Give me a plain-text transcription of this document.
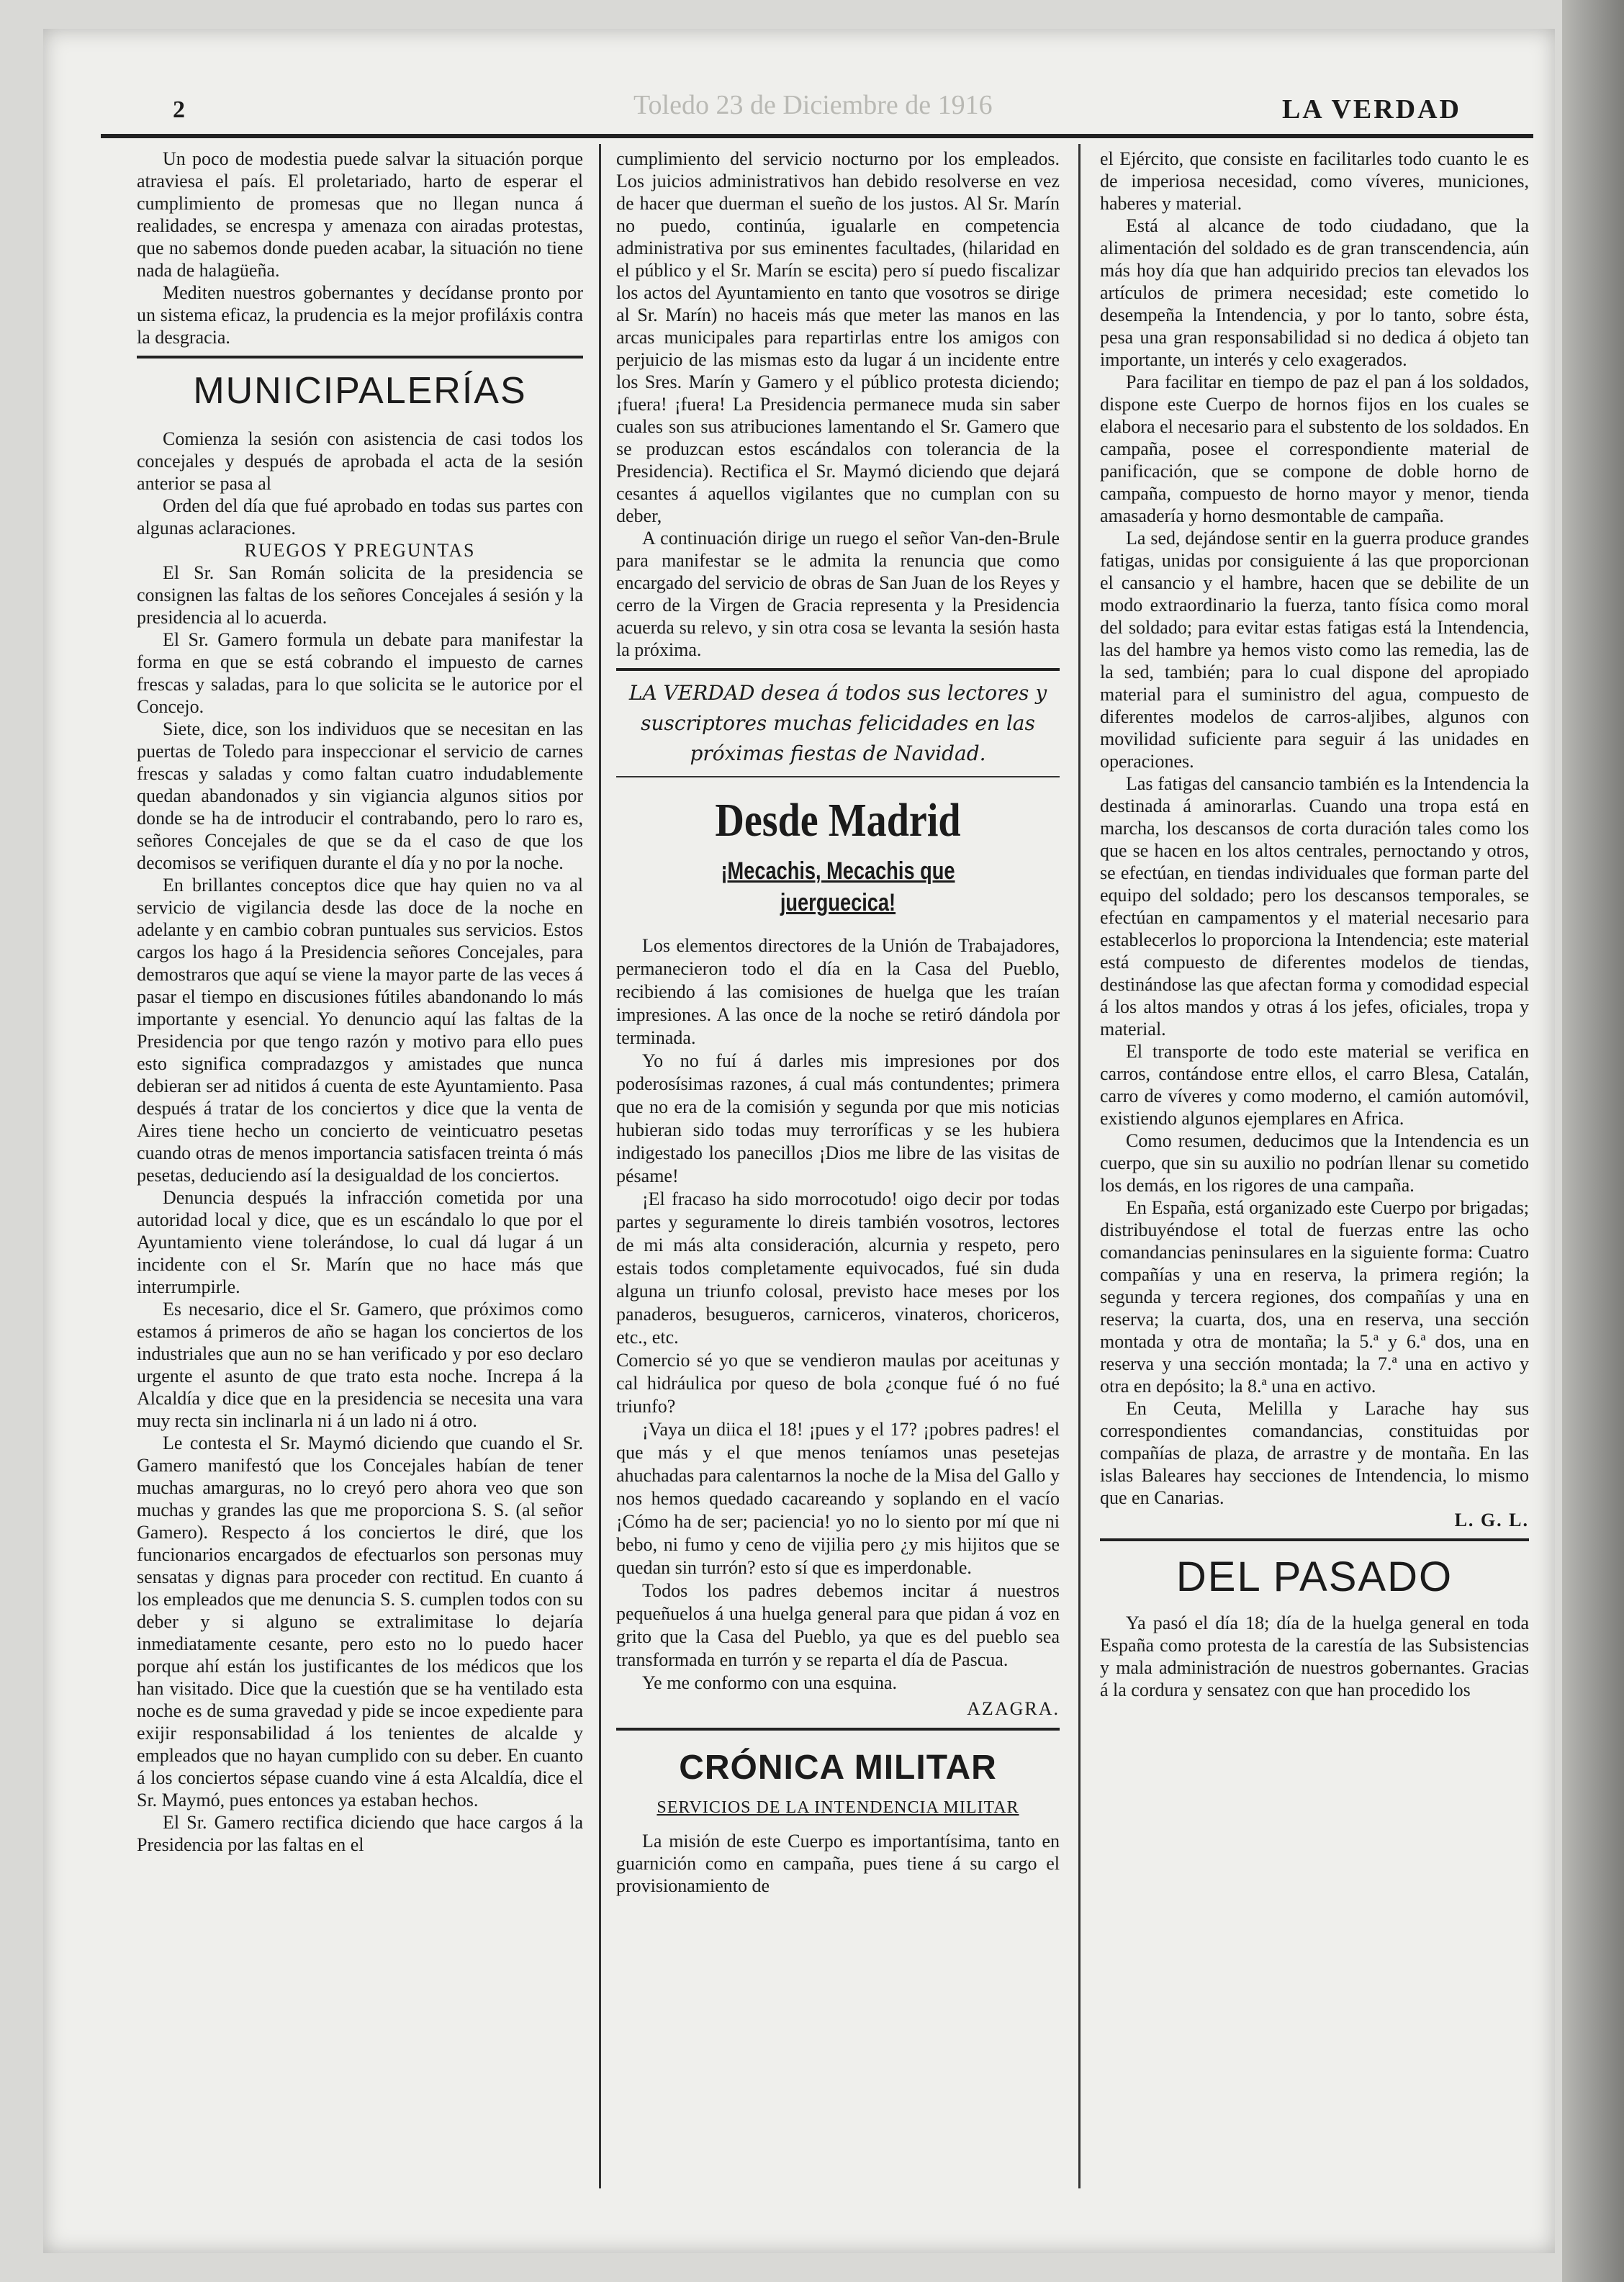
2	Toledo 23 de Diciembre de 1916	LA VERDAD

Un poco de modestia puede salvar la situación porque atraviesa el país. El proletariado, harto de esperar el cumplimiento de promesas que no llegan nunca á realidades, se encrespa y amenaza con airadas protestas, que no sabemos donde pueden acabar, la situación no tiene nada de halagüeña.

Mediten nuestros gobernantes y decídanse pronto por un sistema eficaz, la prudencia es la mejor profiláxis contra la desgracia.

MUNICIPALERÍAS

Comienza la sesión con asistencia de casi todos los concejales y después de aprobada el acta de la sesión anterior se pasa al

Orden del día que fué aprobado en todas sus partes con algunas aclaraciones.

RUEGOS Y PREGUNTAS

El Sr. San Román solicita de la presidencia se consignen las faltas de los señores Concejales á sesión y la presidencia al lo acuerda.

El Sr. Gamero formula un debate para manifestar la forma en que se está cobrando el impuesto de carnes frescas y saladas, para lo que solicita se le autorice por el Concejo.

Siete, dice, son los individuos que se necesitan en las puertas de Toledo para inspeccionar el servicio de carnes frescas y saladas y como faltan cuatro indudablemente quedan abandonados y sin vigiancia algunos sitios por donde se ha de introducir el contrabando, pero lo raro es, señores Concejales de que se da el caso de que los decomisos se verifiquen durante el día y no por la noche.

En brillantes conceptos dice que hay quien no va al servicio de vigilancia desde las doce de la noche en adelante y en cambio cobran puntuales sus servicios. Estos cargos los hago á la Presidencia señores Concejales, para demostraros que aquí se viene la mayor parte de las veces á pasar el tiempo en discusiones fútiles abandonando lo más importante y esencial. Yo denuncio aquí las faltas de la Presidencia por que tengo razón y motivo para ello pues esto significa compradazgos y amistades que nunca debieran ser ad nitidos á cuenta de este Ayuntamiento. Pasa después á tratar de los conciertos y dice que la venta de Aires tiene hecho un concierto de veinticuatro pesetas cuando otras de menos importancia satisfacen treinta ó más pesetas, deduciendo así la desigualdad de los conciertos.

Denuncia después la infracción cometida por una autoridad local y dice, que es un escándalo lo que por el Ayuntamiento viene tolerándose, lo cual dá lugar á un incidente con el Sr. Marín que no hace más que interrumpirle.

Es necesario, dice el Sr. Gamero, que próximos como estamos á primeros de año se hagan los conciertos de los industriales que aun no se han verificado y por eso declaro urgente el asunto de que trato esta noche. Increpa á la Alcaldía y dice que en la presidencia se necesita una vara muy recta sin inclinarla ni á un lado ni á otro.

Le contesta el Sr. Maymó diciendo que cuando el Sr. Gamero manifestó que los Concejales habían de tener muchas amarguras, no lo creyó pero ahora veo que son muchas y grandes las que me proporciona S. S. (al señor Gamero). Respecto á los conciertos le diré, que los funcionarios encargados de efectuarlos son personas muy sensatas y dignas para proceder con rectitud. En cuanto á los empleados que me denuncia S. S. cumplen todos con su deber y si alguno se extralimitase lo dejaría inmediatamente cesante, pero esto no lo puedo hacer porque ahí están los justificantes de los médicos que los han visitado. Dice que la cuestión que se ha ventilado esta noche es de suma gravedad y pide se incoe expediente para exijir responsabilidad á los tenientes de alcalde y empleados que no hayan cumplido con su deber. En cuanto á los conciertos sépase cuando vine á esta Alcaldía, dice el Sr. Maymó, pues entonces ya estaban hechos.

El Sr. Gamero rectifica diciendo que hace cargos á la Presidencia por las faltas en el

cumplimiento del servicio nocturno por los empleados. Los juicios administrativos han debido resolverse en vez de hacer que duerman el sueño de los justos. Al Sr. Marín no puedo, continúa, igualarle en competencia administrativa por sus eminentes facultades, (hilaridad en el público y el Sr. Marín se escita) pero sí puedo fiscalizar los actos del Ayuntamiento en tanto que vosotros se dirige al Sr. Marín) no haceis más que meter las manos en las arcas municipales para repartirlas entre los amigos con perjuicio de las mismas esto da lugar á un incidente entre los Sres. Marín y Gamero y el público protesta diciendo; ¡fuera! ¡fuera! La Presidencia permanece muda sin saber cuales son sus atribuciones lamentando el Sr. Gamero que se produzcan estos escándalos con tolerancia de la Presidencia). Rectifica el Sr. Maymó diciendo que dejará cesantes á aquellos vigilantes que no cumplan con su deber,

A continuación dirige un ruego el señor Van-den-Brule para manifestar se le admita la renuncia que como encargado del servicio de obras de San Juan de los Reyes y cerro de la Virgen de Gracia representa y la Presidencia acuerda su relevo, y sin otra cosa se levanta la sesión hasta la próxima.

LA VERDAD desea á todos sus lectores y suscriptores muchas felicidades en las próximas fiestas de Navidad.
Desde Madrid
¡Mecachis, Mecachis que juerguecica!

Los elementos directores de la Unión de Trabajadores, permanecieron todo el día en la Casa del Pueblo, recibiendo á las comisiones de huelga que les traían impresiones. A las once de la noche se retiró dándola por terminada.

Yo no fuí á darles mis impresiones por dos poderosísimas razones, á cual más contundentes; primera que no era de la comisión y segunda por que mis noticias hubieran sido todas muy terroríficas y se les hubiera indigestado los panecillos ¡Dios me libre de las visitas de pésame!

¡El fracaso ha sido morrocotudo! oigo decir por todas partes y seguramente lo direis también vosotros, lectores de mi más alta consideración, alcurnia y respeto, pero estais todos completamente equivocados, fué sin duda alguna un triunfo colosal, previsto hace meses por los panaderos, besugueros, carniceros, vinateros, choriceros, etc., etc.

Comercio sé yo que se vendieron maulas por aceitunas y cal hidráulica por queso de bola ¿conque fué ó no fué triunfo?

¡Vaya un diica el 18! ¡pues y el 17? ¡pobres padres! el que más y el que menos teníamos unas pesetejas ahuchadas para calentarnos la noche de la Misa del Gallo y nos hemos quedado cacareando y soplando en el vacío ¡Cómo ha de ser; paciencia! yo no lo siento por mí que ni bebo, ni fumo y ceno de vijilia pero ¿y mis hijitos que se quedan sin turrón? esto sí que es imperdonable.

Todos los padres debemos incitar á nuestros pequeñuelos á una huelga general para que pidan á voz en grito que la Casa del Pueblo, ya que es del pueblo sea transformada en turrón y se reparta el día de Pascua.

Ye me conformo con una esquina.

AZAGRA.

CRÓNICA MILITAR
SERVICIOS DE LA INTENDENCIA MILITAR

La misión de este Cuerpo es importantísima, tanto en guarnición como en campaña, pues tiene á su cargo el provisionamiento de

el Ejército, que consiste en facilitarles todo cuanto le es de imperiosa necesidad, como víveres, municiones, haberes y material.

Está al alcance de todo ciudadano, que la alimentación del soldado es de gran transcendencia, aún más hoy día que han adquirido precios tan elevados los artículos de primera necesidad; este cometido lo desempeña la Intendencia, y por lo tanto, sobre ésta, pesa una gran responsabilidad si no dedica á objeto tan importante, un interés y celo exagerados.

Para facilitar en tiempo de paz el pan á los soldados, dispone este Cuerpo de hornos fijos en los cuales se elabora el necesario para el substento de los soldados. En campaña, posee el correspondiente material de panificación, que se compone de doble horno de campaña, compuesto de horno mayor y menor, tienda amasadería y horno desmontable de campaña.

La sed, dejándose sentir en la guerra produce grandes fatigas, unidas por consiguiente á las que proporcionan el cansancio y el hambre, hacen que se debilite de un modo extraordinario la fuerza, tanto física como moral del soldado; para evitar estas fatigas está la Intendencia, las del hambre ya hemos visto como las remedia, las de la sed, también; para lo cual dispone del apropiado material para el suministro del agua, compuesto de diferentes modelos de carros-aljibes, algunos con movilidad suficiente para seguir á las unidades en operaciones.

Las fatigas del cansancio también es la Intendencia la destinada á aminorarlas. Cuando una tropa está en marcha, los descansos de corta duración tales como los que se hacen en los altos centrales, pernoctando y otros, se efectúan, en tiendas individuales que forman parte del equipo del soldado; pero los descansos temporales, se efectúan en campamentos y el material necesario para establecerlos lo proporciona la Intendencia; este material está compuesto de diferentes modelos de tiendas, destinándose las que afectan forma y comodidad especial á los altos mandos y otras á los jefes, oficiales, tropa y material.

El transporte de todo este material se verifica en carros, contándose entre ellos, el carro Blesa, Catalán, carro de víveres y como moderno, el camión automóvil, existiendo algunos ejemplares en Africa.

Como resumen, deducimos que la Intendencia es un cuerpo, que sin su auxilio no podrían llenar su cometido los demás, en los rigores de una campaña.

En España, está organizado este Cuerpo por brigadas; distribuyéndose el total de fuerzas entre las ocho comandancias peninsulares en la siguiente forma: Cuatro compañías y una en reserva, la primera región; la segunda y tercera regiones, dos compañías y una en reserva; la cuarta, dos, una en reserva, una sección montada y otra de montaña; la 5.ª y 6.ª dos, una en reserva y una sección montada; la 7.ª una en activo y otra en depósito; la 8.ª una en activo.

En Ceuta, Melilla y Larache hay sus correspondientes comandancias, constituidas por compañías de plaza, de arrastre y de montaña. En las islas Baleares hay secciones de Intendencia, lo mismo que en Canarias.

L. G. L.

DEL PASADO

Ya pasó el día 18; día de la huelga general en toda España como protesta de la carestía de las Subsistencias y mala administración de nuestros gobernantes. Gracias á la cordura y sensatez con que han procedido los
